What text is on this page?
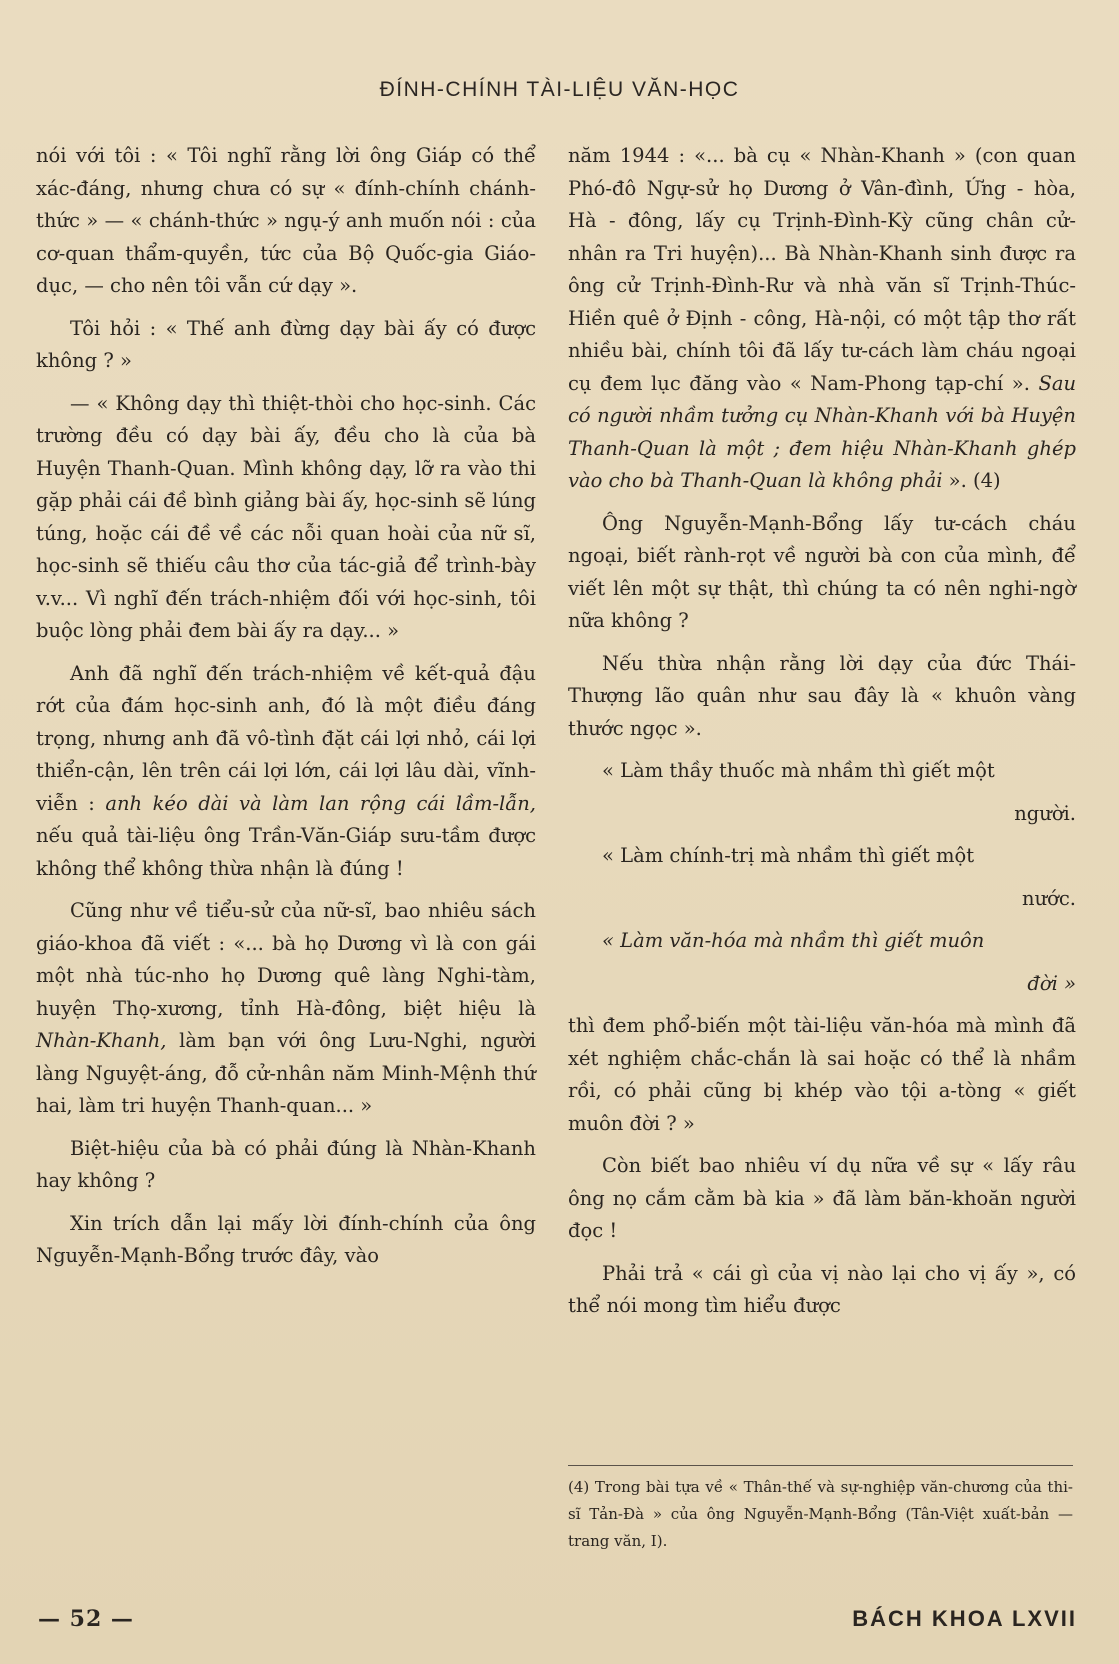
ĐÍNH-CHÍNH TÀI-LIỆU VĂN-HỌC

nói với tôi : « Tôi nghĩ rằng lời ông Giáp có thể xác-đáng, nhưng chưa có sự « đính-chính chánh-thức » — « chánh-thức » ngụ-ý anh muốn nói : của cơ-quan thẩm-quyền, tức của Bộ Quốc-gia Giáo-dục, — cho nên tôi vẫn cứ dạy ».

Tôi hỏi : « Thế anh đừng dạy bài ấy có được không ? »

— « Không dạy thì thiệt-thòi cho học-sinh. Các trường đều có dạy bài ấy, đều cho là của bà Huyện Thanh-Quan. Mình không dạy, lỡ ra vào thi gặp phải cái đề bình giảng bài ấy, học-sinh sẽ lúng túng, hoặc cái đề về các nỗi quan hoài của nữ sĩ, học-sinh sẽ thiếu câu thơ của tác-giả để trình-bày v.v... Vì nghĩ đến trách-nhiệm đối với học-sinh, tôi buộc lòng phải đem bài ấy ra dạy... »

Anh đã nghĩ đến trách-nhiệm về kết-quả đậu rớt của đám học-sinh anh, đó là một điều đáng trọng, nhưng anh đã vô-tình đặt cái lợi nhỏ, cái lợi thiển-cận, lên trên cái lợi lớn, cái lợi lâu dài, vĩnh-viễn : anh kéo dài và làm lan rộng cái lầm-lẫn, nếu quả tài-liệu ông Trần-Văn-Giáp sưu-tầm được không thể không thừa nhận là đúng !

Cũng như về tiểu-sử của nữ-sĩ, bao nhiêu sách giáo-khoa đã viết : «... bà họ Dương vì là con gái một nhà túc-nho họ Dương quê làng Nghi-tàm, huyện Thọ-xương, tỉnh Hà-đông, biệt hiệu là Nhàn-Khanh, làm bạn với ông Lưu-Nghi, người làng Nguyệt-áng, đỗ cử-nhân năm Minh-Mệnh thứ hai, làm tri huyện Thanh-quan... »

Biệt-hiệu của bà có phải đúng là Nhàn-Khanh hay không ?

Xin trích dẫn lại mấy lời đính-chính của ông Nguyễn-Mạnh-Bổng trước đây, vào

năm 1944 : «... bà cụ « Nhàn-Khanh » (con quan Phó-đô Ngự-sử họ Dương ở Vân-đình, Ứng - hòa, Hà - đông, lấy cụ Trịnh-Đình-Kỳ cũng chân cử-nhân ra Tri huyện)... Bà Nhàn-Khanh sinh được ra ông cử Trịnh-Đình-Rư và nhà văn sĩ Trịnh-Thúc-Hiền quê ở Định - công, Hà-nội, có một tập thơ rất nhiều bài, chính tôi đã lấy tư-cách làm cháu ngoại cụ đem lục đăng vào « Nam-Phong tạp-chí ». Sau có người nhầm tưởng cụ Nhàn-Khanh với bà Huyện Thanh-Quan là một ; đem hiệu Nhàn-Khanh ghép vào cho bà Thanh-Quan là không phải ». (4)

Ông Nguyễn-Mạnh-Bổng lấy tư-cách cháu ngoại, biết rành-rọt về người bà con của mình, để viết lên một sự thật, thì chúng ta có nên nghi-ngờ nữa không ?

Nếu thừa nhận rằng lời dạy của đức Thái-Thượng lão quân như sau đây là « khuôn vàng thước ngọc ».

« Làm thầy thuốc mà nhầm thì giết một

người.

« Làm chính-trị mà nhầm thì giết một

nước.

« Làm văn-hóa mà nhầm thì giết muôn

đời »

thì đem phổ-biến một tài-liệu văn-hóa mà mình đã xét nghiệm chắc-chắn là sai hoặc có thể là nhầm rồi, có phải cũng bị khép vào tội a-tòng « giết muôn đời ? »

Còn biết bao nhiêu ví dụ nữa về sự « lấy râu ông nọ cắm cằm bà kia » đã làm băn-khoăn người đọc !

Phải trả « cái gì của vị nào lại cho vị ấy », có thể nói mong tìm hiểu được

(4) Trong bài tựa về « Thân-thế và sự-nghiệp văn-chương của thi-sĩ Tản-Đà » của ông Nguyễn-Mạnh-Bổng (Tân-Việt xuất-bản — trang văn, I).
— 52 —	BÁCH KHOA LXVII
